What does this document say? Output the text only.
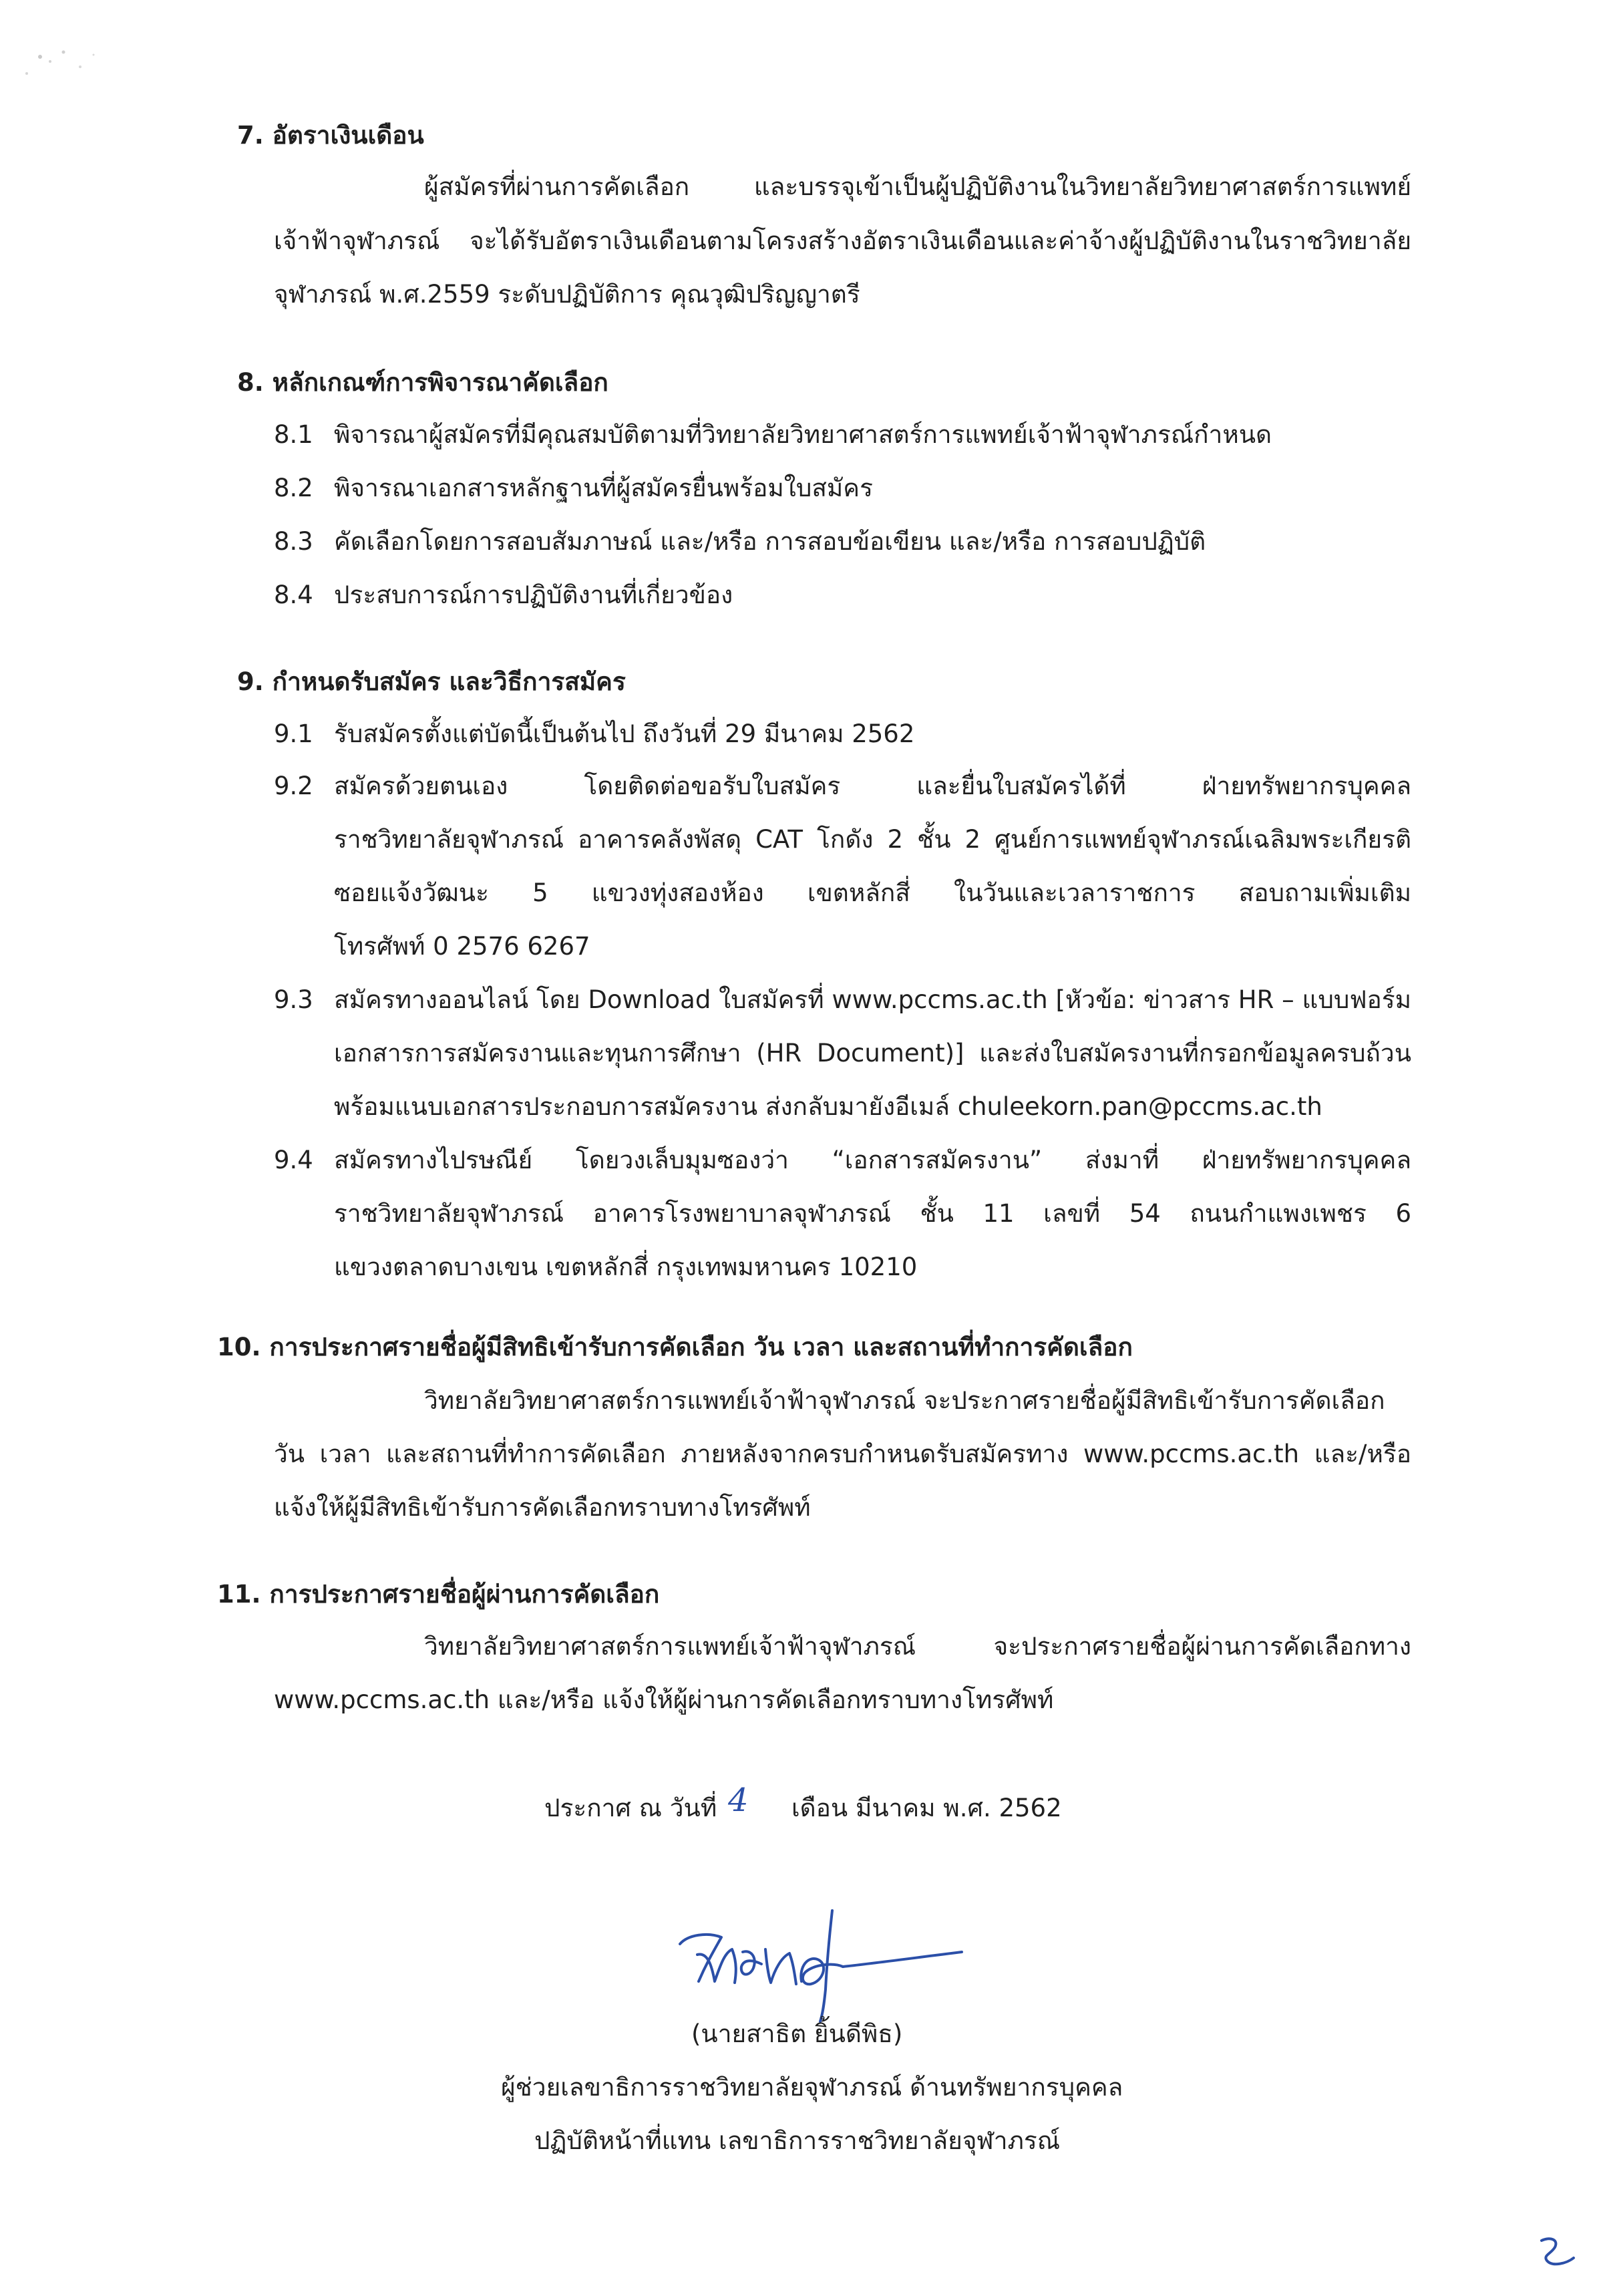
7. อัตราเงินเดือน
ผู้สมัครที่ผ่านการคัดเลือก และบรรจุเข้าเป็นผู้ปฏิบัติงานในวิทยาลัยวิทยาศาสตร์การแพทย์
เจ้าฟ้าจุฬาภรณ์ จะได้รับอัตราเงินเดือนตามโครงสร้างอัตราเงินเดือนและค่าจ้างผู้ปฏิบัติงานในราชวิทยาลัย
จุฬาภรณ์ พ.ศ.2559 ระดับปฏิบัติการ คุณวุฒิปริญญาตรี
8. หลักเกณฑ์การพิจารณาคัดเลือก
8.1 พิจารณาผู้สมัครที่มีคุณสมบัติตามที่วิทยาลัยวิทยาศาสตร์การแพทย์เจ้าฟ้าจุฬาภรณ์กำหนด
8.2 พิจารณาเอกสารหลักฐานที่ผู้สมัครยื่นพร้อมใบสมัคร
8.3 คัดเลือกโดยการสอบสัมภาษณ์ และ/หรือ การสอบข้อเขียน และ/หรือ การสอบปฏิบัติ
8.4 ประสบการณ์การปฏิบัติงานที่เกี่ยวข้อง
9. กำหนดรับสมัคร และวิธีการสมัคร
9.1 รับสมัครตั้งแต่บัดนี้เป็นต้นไป ถึงวันที่ 29 มีนาคม 2562
9.2 สมัครด้วยตนเอง โดยติดต่อขอรับใบสมัคร และยื่นใบสมัครได้ที่ ฝ่ายทรัพยากรบุคคล
ราชวิทยาลัยจุฬาภรณ์ อาคารคลังพัสดุ CAT โกดัง 2 ชั้น 2 ศูนย์การแพทย์จุฬาภรณ์เฉลิมพระเกียรติ
ซอยแจ้งวัฒนะ 5 แขวงทุ่งสองห้อง เขตหลักสี่ ในวันและเวลาราชการ สอบถามเพิ่มเติม
โทรศัพท์ 0 2576 6267
9.3 สมัครทางออนไลน์ โดย Download ใบสมัครที่ www.pccms.ac.th [หัวข้อ: ข่าวสาร HR – แบบฟอร์ม
เอกสารการสมัครงานและทุนการศึกษา (HR Document)] และส่งใบสมัครงานที่กรอกข้อมูลครบถ้วน
พร้อมแนบเอกสารประกอบการสมัครงาน ส่งกลับมายังอีเมล์ chuleekorn.pan@pccms.ac.th
9.4 สมัครทางไปรษณีย์ โดยวงเล็บมุมซองว่า “เอกสารสมัครงาน” ส่งมาที่ ฝ่ายทรัพยากรบุคคล
ราชวิทยาลัยจุฬาภรณ์ อาคารโรงพยาบาลจุฬาภรณ์ ชั้น 11 เลขที่ 54 ถนนกำแพงเพชร 6
แขวงตลาดบางเขน เขตหลักสี่ กรุงเทพมหานคร 10210
10. การประกาศรายชื่อผู้มีสิทธิเข้ารับการคัดเลือก วัน เวลา และสถานที่ทำการคัดเลือก
วิทยาลัยวิทยาศาสตร์การแพทย์เจ้าฟ้าจุฬาภรณ์ จะประกาศรายชื่อผู้มีสิทธิเข้ารับการคัดเลือก
วัน เวลา และสถานที่ทำการคัดเลือก ภายหลังจากครบกำหนดรับสมัครทาง www.pccms.ac.th และ/หรือ
แจ้งให้ผู้มีสิทธิเข้ารับการคัดเลือกทราบทางโทรศัพท์
11. การประกาศรายชื่อผู้ผ่านการคัดเลือก
วิทยาลัยวิทยาศาสตร์การแพทย์เจ้าฟ้าจุฬาภรณ์ จะประกาศรายชื่อผู้ผ่านการคัดเลือกทาง
www.pccms.ac.th และ/หรือ แจ้งให้ผู้ผ่านการคัดเลือกทราบทางโทรศัพท์
ประกาศ ณ วันที่ 4 เดือน มีนาคม พ.ศ. 2562
(นายสาธิต ยิ้นดีพิธ)
ผู้ช่วยเลขาธิการราชวิทยาลัยจุฬาภรณ์ ด้านทรัพยากรบุคคล
ปฏิบัติหน้าที่แทน เลขาธิการราชวิทยาลัยจุฬาภรณ์
